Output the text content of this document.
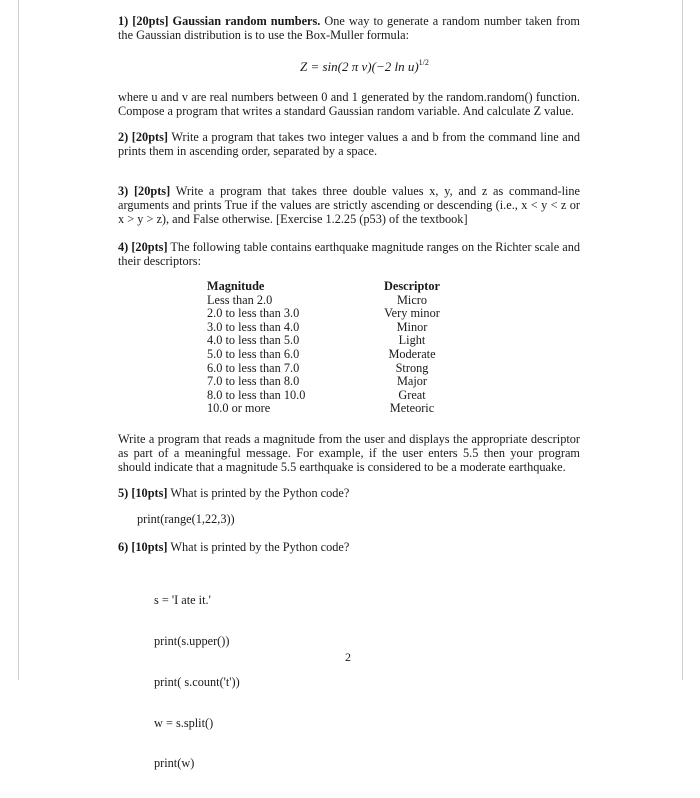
1) [20pts] Gaussian random numbers. One way to generate a random number taken from the Gaussian distribution is to use the Box-Muller formula:
Z = sin(2 π v)(−2 ln u)$^{1/2}$
where u and v are real numbers between 0 and 1 generated by the random.random() function. Compose a program that writes a standard Gaussian random variable. And calculate Z value.
2) [20pts] Write a program that takes two integer values a and b from the command line and prints them in ascending order, separated by a space.
3) [20pts] Write a program that takes three double values x, y, and z as command-line arguments and prints True if the values are strictly ascending or descending (i.e., x < y < z or x > y > z), and False otherwise. [Exercise 1.2.25 (p53) of the textbook]
4) [20pts] The following table contains earthquake magnitude ranges on the Richter scale and their descriptors:
Magnitude	Descriptor
Less than 2.0	Micro
2.0 to less than 3.0	Very minor
3.0 to less than 4.0	Minor
4.0 to less than 5.0	Light
5.0 to less than 6.0	Moderate
6.0 to less than 7.0	Strong
7.0 to less than 8.0	Major
8.0 to less than 10.0	Great
10.0 or more	Meteoric
Write a program that reads a magnitude from the user and displays the appropriate descriptor as part of a meaningful message. For example, if the user enters 5.5 then your program should indicate that a magnitude 5.5 earthquake is considered to be a moderate earthquake.
5) [10pts] What is printed by the Python code?
print(range(1,22,3))
6) [10pts] What is printed by the Python code?

s = 'I ate it.'

print(s.upper())

print( s.count('t'))

w = s.split()

print(w)

2
